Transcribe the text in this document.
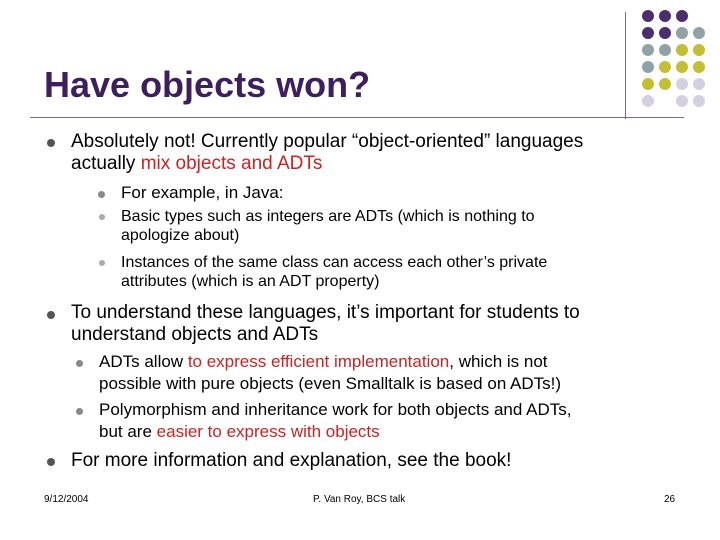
Have objects won?
Absolutely not! Currently popular “object-oriented” languages
actually mix objects and ADTs
For example, in Java:
Basic types such as integers are ADTs (which is nothing to
apologize about)
Instances of the same class can access each other’s private
attributes (which is an ADT property)
To understand these languages, it’s important for students to
understand objects and ADTs
ADTs allow to express efficient implementation, which is not
possible with pure objects (even Smalltalk is based on ADTs!)
Polymorphism and inheritance work for both objects and ADTs,
but are easier to express with objects
For more information and explanation, see the book!
9/12/2004	P. Van Roy, BCS talk	26
